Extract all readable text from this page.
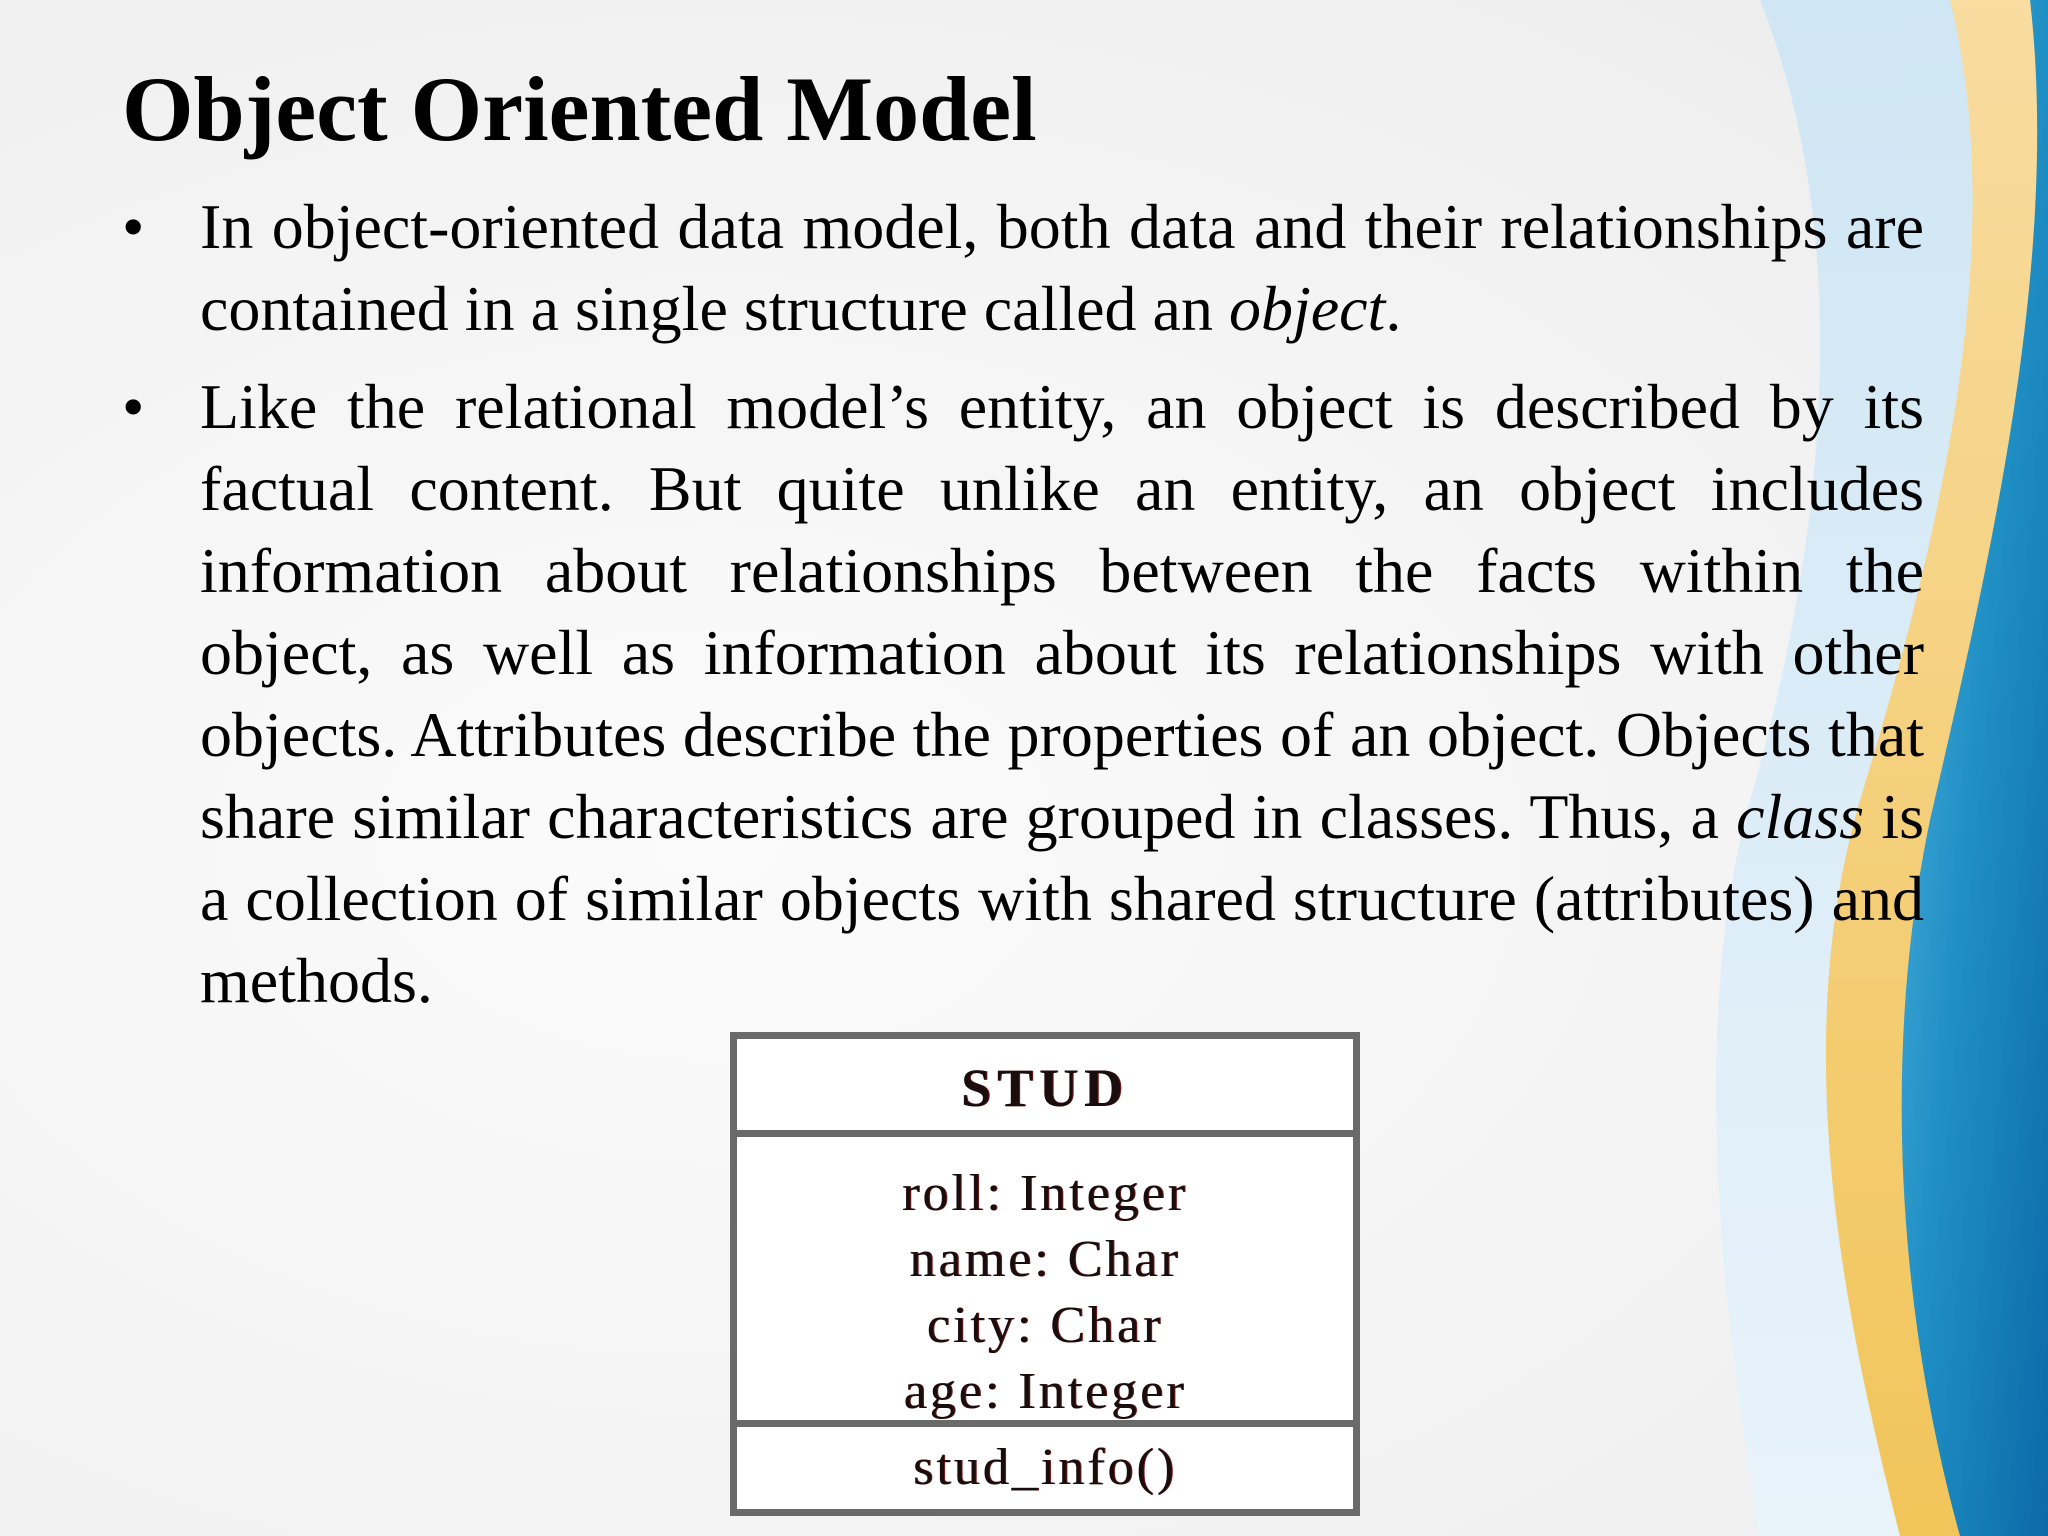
Object Oriented Model
• In object-oriented data model, both data and their relationships are contained in a single structure called an object.
• Like the relational model’s entity, an object is described by its factual content. But quite unlike an entity, an object includes information about relationships between the facts within the object, as well as information about its relationships with other objects. Attributes describe the properties of an object. Objects that share similar characteristics are grouped in classes. Thus, a class is a collection of similar objects with shared structure (attributes) and methods.
STUD
roll: Integer
name: Char
city: Char
age: Integer
stud_info()
